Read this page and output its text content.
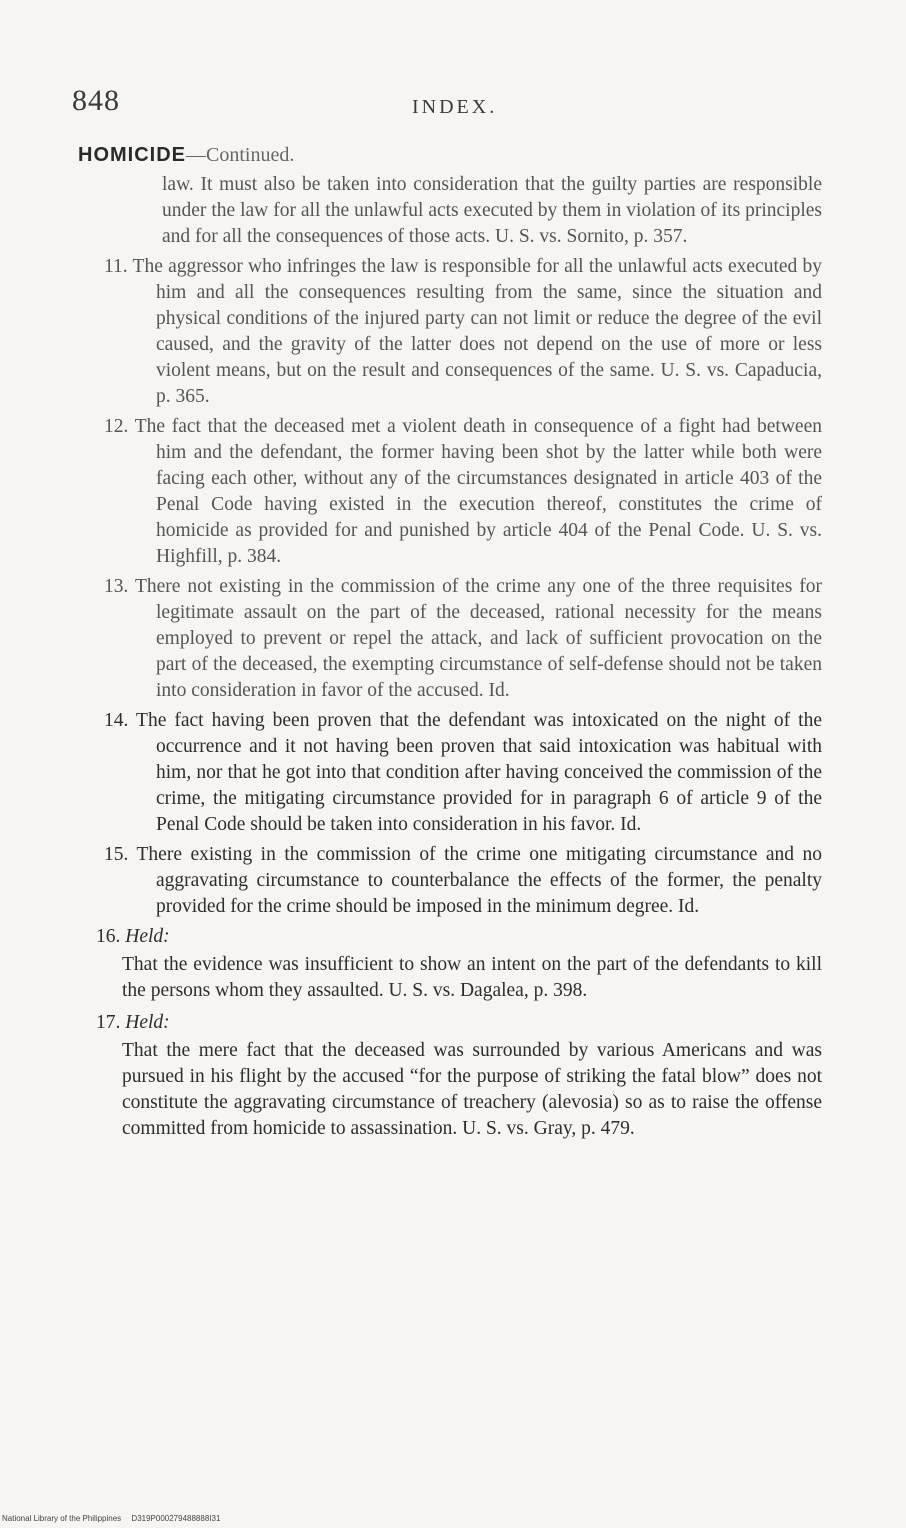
848	INDEX.
HOMICIDE—Continued.

law. It must also be taken into consideration that the guilty parties are responsible under the law for all the unlawful acts executed by them in violation of its principles and for all the consequences of those acts. U. S. vs. Sornito, p. 357.

11. The aggressor who infringes the law is responsible for all the unlawful acts executed by him and all the consequences resulting from the same, since the situation and physical conditions of the injured party can not limit or reduce the degree of the evil caused, and the gravity of the latter does not depend on the use of more or less violent means, but on the result and consequences of the same. U. S. vs. Capaducia, p. 365.

12. The fact that the deceased met a violent death in consequence of a fight had between him and the defendant, the former having been shot by the latter while both were facing each other, without any of the circumstances designated in article 403 of the Penal Code having existed in the execution thereof, constitutes the crime of homicide as provided for and punished by article 404 of the Penal Code. U. S. vs. Highfill, p. 384.

13. There not existing in the commission of the crime any one of the three requisites for legitimate assault on the part of the deceased, rational necessity for the means employed to prevent or repel the attack, and lack of sufficient provocation on the part of the deceased, the exempting circumstance of self-defense should not be taken into consideration in favor of the accused. Id.

14. The fact having been proven that the defendant was intoxicated on the night of the occurrence and it not having been proven that said intoxication was habitual with him, nor that he got into that condition after having conceived the commission of the crime, the mitigating circumstance provided for in paragraph 6 of article 9 of the Penal Code should be taken into consideration in his favor. Id.

15. There existing in the commission of the crime one mitigating circumstance and no aggravating circumstance to counterbalance the effects of the former, the penalty provided for the crime should be imposed in the minimum degree. Id.

16. Held:

That the evidence was insufficient to show an intent on the part of the defendants to kill the persons whom they assaulted. U. S. vs. Dagalea, p. 398.

17. Held:

That the mere fact that the deceased was surrounded by various Americans and was pursued in his flight by the accused “for the purpose of striking the fatal blow” does not constitute the aggravating circumstance of treachery (alevosia) so as to raise the offense committed from homicide to assassination. U. S. vs. Gray, p. 479.

National Library of the Philippines D319P000279488888I31
